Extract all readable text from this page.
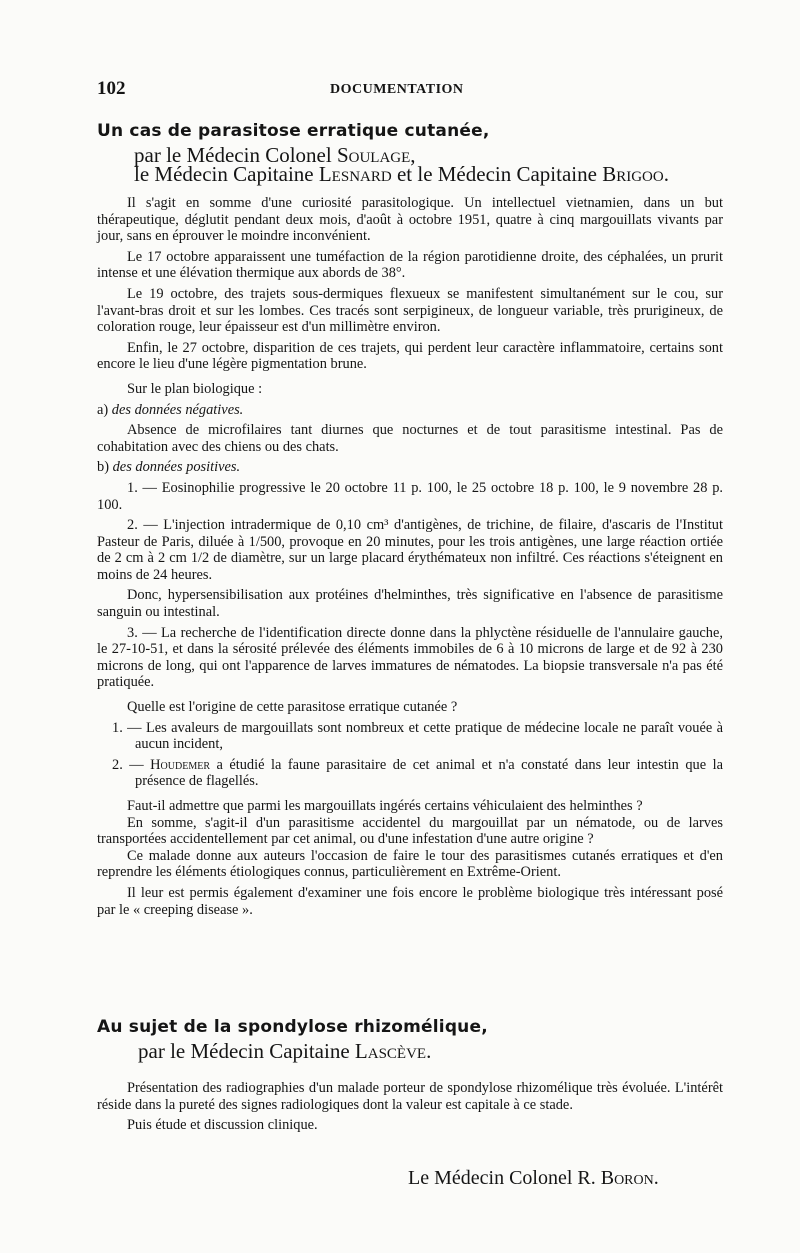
102	DOCUMENTATION
Un cas de parasitose erratique cutanée,
par le Médecin Colonel Soulage,
le Médecin Capitaine Lesnard et le Médecin Capitaine Brigoo.

Il s'agit en somme d'une curiosité parasitologique. Un intellectuel vietnamien, dans un but thérapeutique, déglutit pendant deux mois, d'août à octobre 1951, quatre à cinq margouillats vivants par jour, sans en éprouver le moindre inconvénient.

Le 17 octobre apparaissent une tuméfaction de la région parotidienne droite, des céphalées, un prurit intense et une élévation thermique aux abords de 38°.

Le 19 octobre, des trajets sous-dermiques flexueux se manifestent simultanément sur le cou, sur l'avant-bras droit et sur les lombes. Ces tracés sont serpigineux, de longueur variable, très prurigineux, de coloration rouge, leur épaisseur est d'un millimètre environ.

Enfin, le 27 octobre, disparition de ces trajets, qui perdent leur caractère inflammatoire, certains sont encore le lieu d'une légère pigmentation brune.

Sur le plan biologique :

a) des données négatives.

Absence de microfilaires tant diurnes que nocturnes et de tout parasitisme intestinal. Pas de cohabitation avec des chiens ou des chats.

b) des données positives.

1. — Eosinophilie progressive le 20 octobre 11 p. 100, le 25 octobre 18 p. 100, le 9 novembre 28 p. 100.

2. — L'injection intradermique de 0,10 cm³ d'antigènes, de trichine, de filaire, d'ascaris de l'Institut Pasteur de Paris, diluée à 1/500, provoque en 20 minutes, pour les trois antigènes, une large réaction ortiée de 2 cm à 2 cm 1/2 de diamètre, sur un large placard érythémateux non infiltré. Ces réactions s'éteignent en moins de 24 heures.

Donc, hypersensibilisation aux protéines d'helminthes, très significative en l'absence de parasitisme sanguin ou intestinal.

3. — La recherche de l'identification directe donne dans la phlyctène résiduelle de l'annulaire gauche, le 27-10-51, et dans la sérosité prélevée des éléments immobiles de 6 à 10 microns de large et de 92 à 230 microns de long, qui ont l'apparence de larves immatures de nématodes. La biopsie transversale n'a pas été pratiquée.

Quelle est l'origine de cette parasitose erratique cutanée ?

1. — Les avaleurs de margouillats sont nombreux et cette pratique de médecine locale ne paraît vouée à aucun incident,

2. — Houdemer a étudié la faune parasitaire de cet animal et n'a constaté dans leur intestin que la présence de flagellés.

Faut-il admettre que parmi les margouillats ingérés certains véhiculaient des helminthes ?

En somme, s'agit-il d'un parasitisme accidentel du margouillat par un nématode, ou de larves transportées accidentellement par cet animal, ou d'une infestation d'une autre origine ?

Ce malade donne aux auteurs l'occasion de faire le tour des parasitismes cutanés erratiques et d'en reprendre les éléments étiologiques connus, particulièrement en Extrême-Orient.

Il leur est permis également d'examiner une fois encore le problème biologique très intéressant posé par le « creeping disease ».

Au sujet de la spondylose rhizomélique,
par le Médecin Capitaine Lascève.

Présentation des radiographies d'un malade porteur de spondylose rhizomélique très évoluée. L'intérêt réside dans la pureté des signes radiologiques dont la valeur est capitale à ce stade.

Puis étude et discussion clinique.

Le Médecin Colonel R. Boron.
